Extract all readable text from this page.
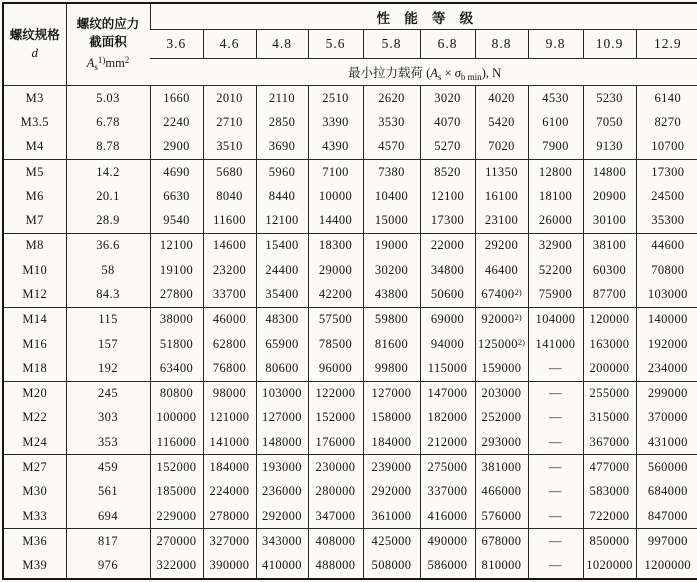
螺纹规格
d

螺纹的应力
截面积
$A_s^{1)}mm^2$
	性能等级
		3.6	4.6	4.8	5.6	5.8	6.8	8.8	9.8	10.9	12.9
		最小拉力载荷 $(A_s \times \sigma_{b min})$, N									
M3	5.03	1660	2010	2110	2510	2620	3020	4020	4530	5230	6140
M3.5	6.78	2240	2710	2850	3390	3530	4070	5420	6100	7050	8270
M4	8.78	2900	3510	3690	4390	4570	5270	7020	7900	9130	10700
M5	14.2	4690	5680	5960	7100	7380	8520	11350	12800	14800	17300
M6	20.1	6630	8040	8440	10000	10400	12100	16100	18100	20900	24500
M7	28.9	9540	11600	12100	14400	15000	17300	23100	26000	30100	35300
M8	36.6	12100	14600	15400	18300	19000	22000	29200	32900	38100	44600
M10	58	19100	23200	24400	29000	30200	34800	46400	52200	60300	70800
M12	84.3	27800	33700	35400	42200	43800	50600	67400$^{2)}$	75900	87700	103000
M14	115	38000	46000	48300	57500	59800	69000	92000$^{2)}$	104000	120000	140000
M16	157	51800	62800	65900	78500	81600	94000	125000$^{2)}$	141000	163000	192000
M18	192	63400	76800	80600	96000	99800	115000	159000	—	200000	234000
M20	245	80800	98000	103000	122000	127000	147000	203000	—	255000	299000
M22	303	100000	121000	127000	152000	158000	182000	252000	—	315000	370000
M24	353	116000	141000	148000	176000	184000	212000	293000	—	367000	431000
M27	459	152000	184000	193000	230000	239000	275000	381000	—	477000	560000
M30	561	185000	224000	236000	280000	292000	337000	466000	—	583000	684000
M33	694	229000	278000	292000	347000	361000	416000	576000	—	722000	847000
M36	817	270000	327000	343000	408000	425000	490000	678000	—	850000	997000
M39	976	322000	390000	410000	488000	508000	586000	810000	—	1020000	1200000
